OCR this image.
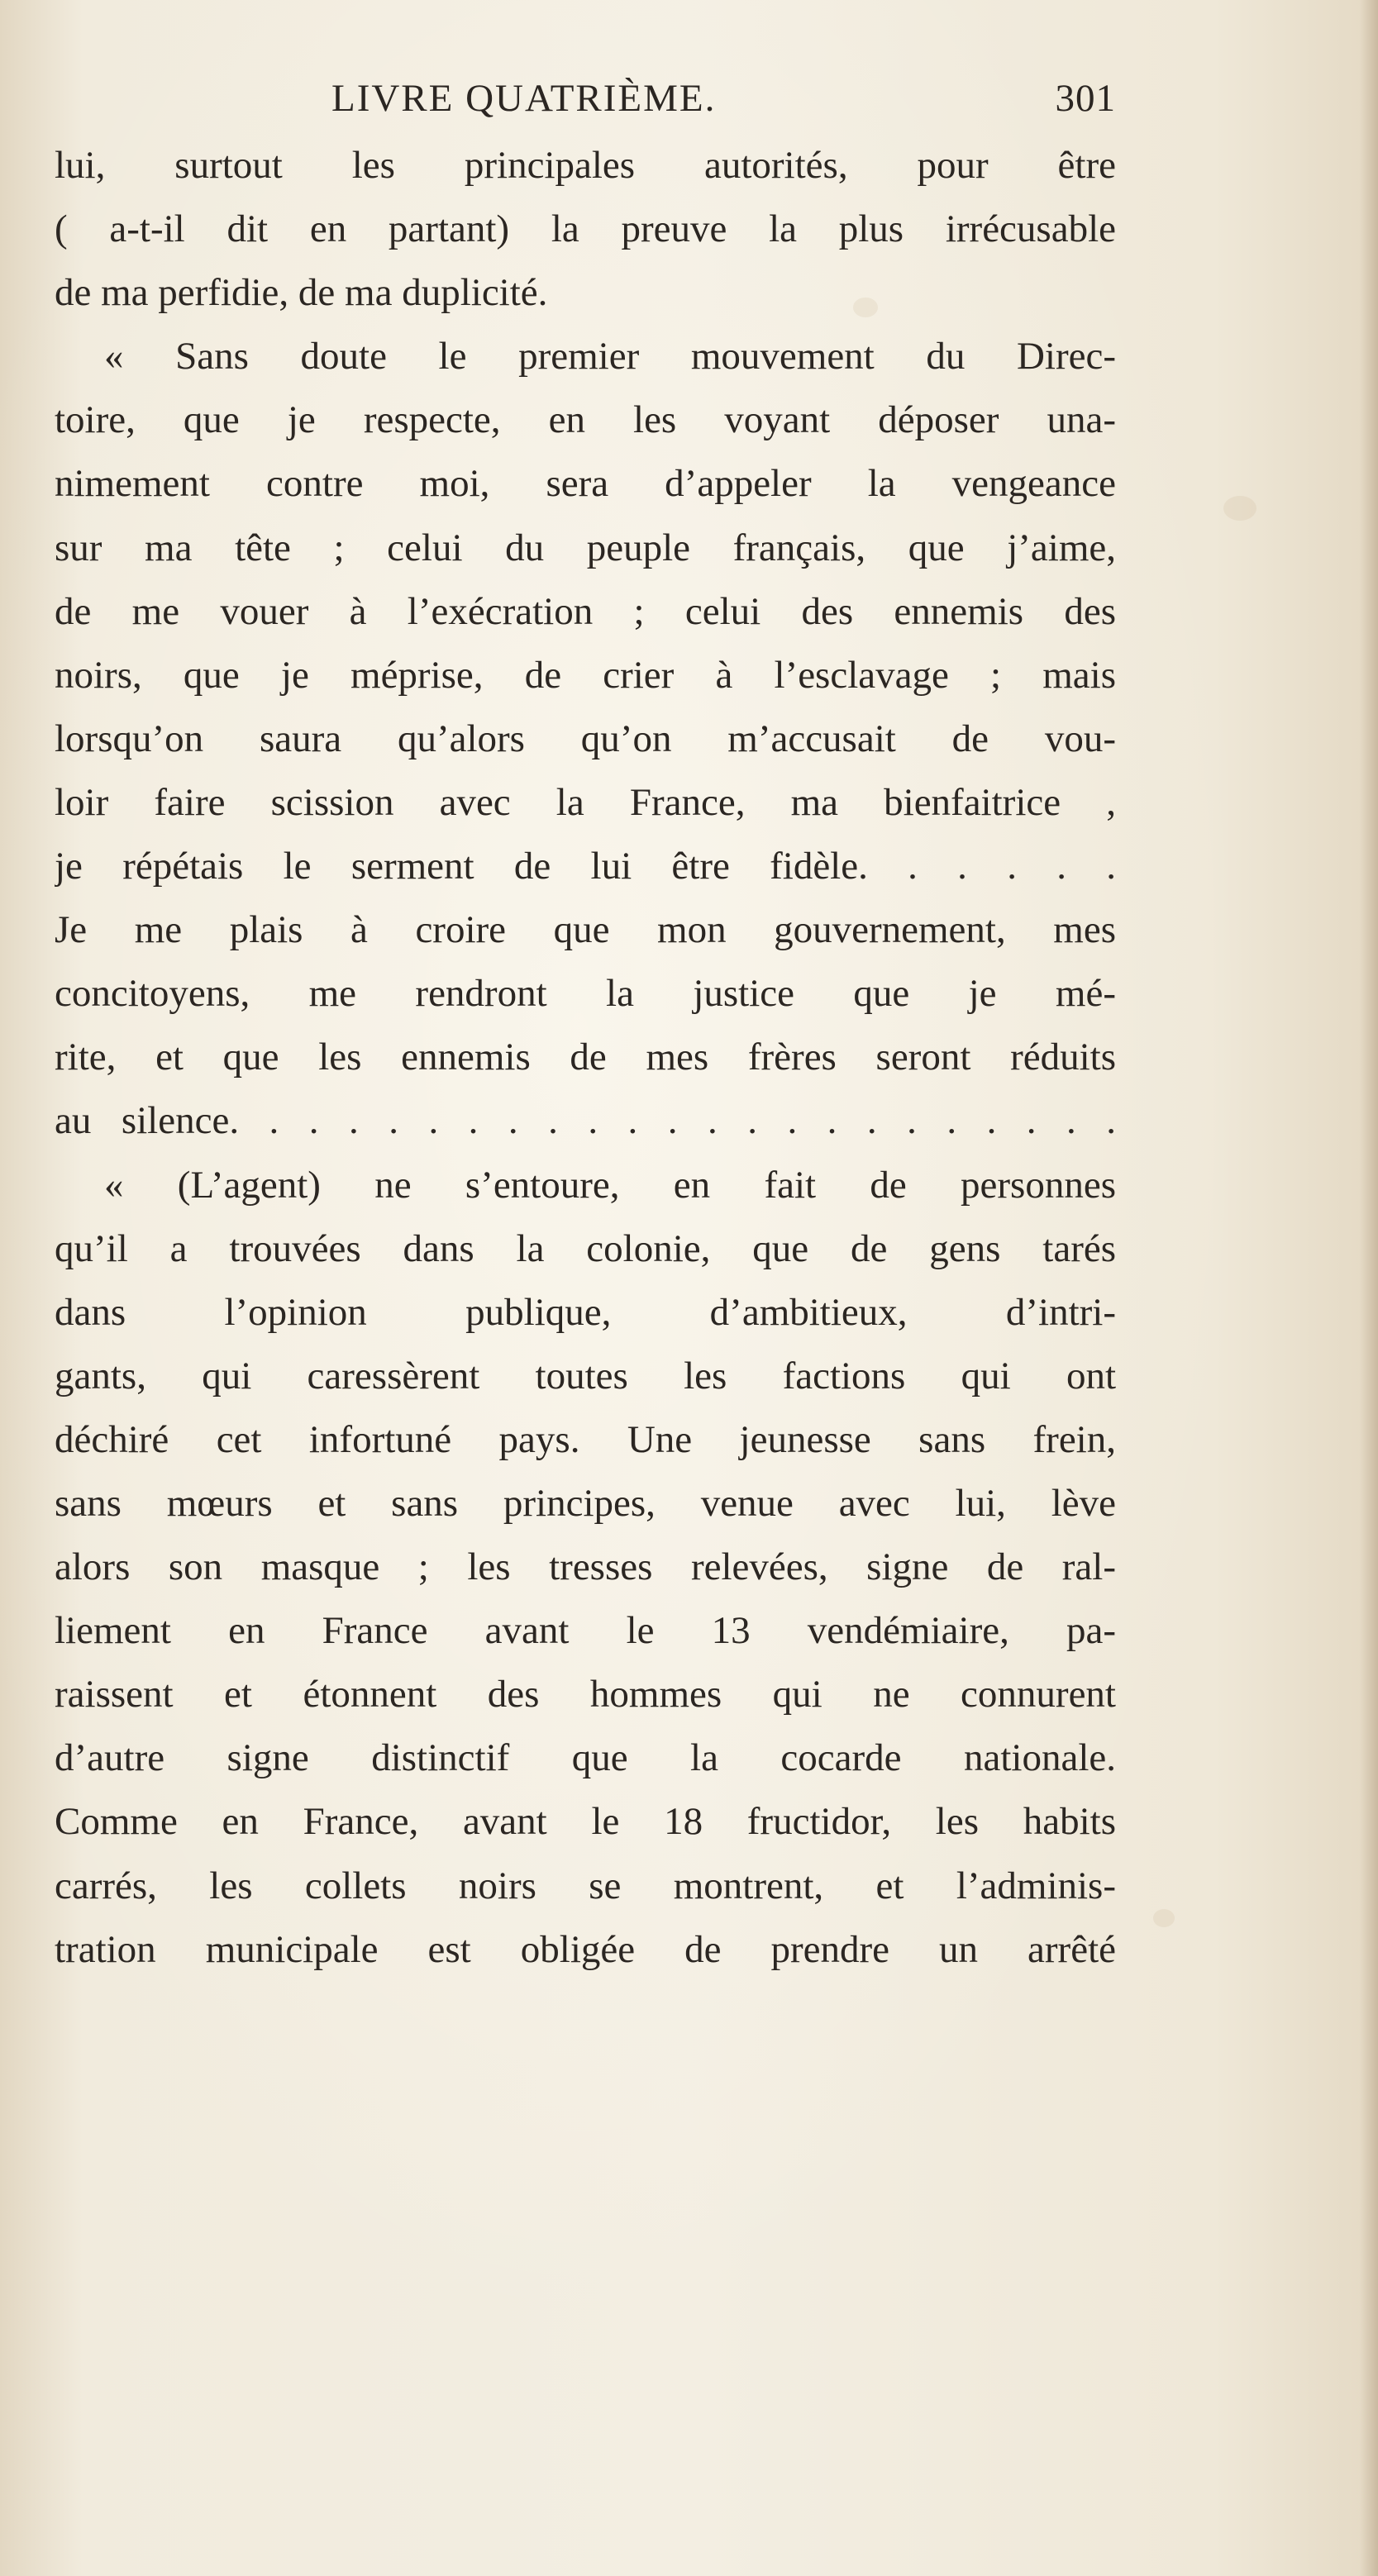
LIVRE QUATRIÈME.	301
lui, surtout les principales autorités, pour être
( a-t-il dit en partant) la preuve la plus irrécusable
de ma perfidie, de ma duplicité.
« Sans doute le premier mouvement du Direc-
toire, que je respecte, en les voyant déposer una-
nimement contre moi, sera d’appeler la vengeance
sur ma tête ; celui du peuple français, que j’aime,
de me vouer à l’exécration ; celui des ennemis des
noirs, que je méprise, de crier à l’esclavage ; mais
lorsqu’on saura qu’alors qu’on m’accusait de vou-
loir faire scission avec la France, ma bienfaitrice ,
je répétais le serment de lui être fidèle. . . . . .
Je me plais à croire que mon gouvernement, mes
concitoyens, me rendront la justice que je mé-
rite, et que les ennemis de mes frères seront réduits
au silence. . . . . . . . . . . . . . . . . . . . . . .
« (L’agent) ne s’entoure, en fait de personnes
qu’il a trouvées dans la colonie, que de gens tarés
dans l’opinion publique, d’ambitieux, d’intri-
gants, qui caressèrent toutes les factions qui ont
déchiré cet infortuné pays. Une jeunesse sans frein,
sans mœurs et sans principes, venue avec lui, lève
alors son masque ; les tresses relevées, signe de ral-
liement en France avant le 13 vendémiaire, pa-
raissent et étonnent des hommes qui ne connurent
d’autre signe distinctif que la cocarde nationale.
Comme en France, avant le 18 fructidor, les habits
carrés, les collets noirs se montrent, et l’adminis-
tration municipale est obligée de prendre un arrêté
